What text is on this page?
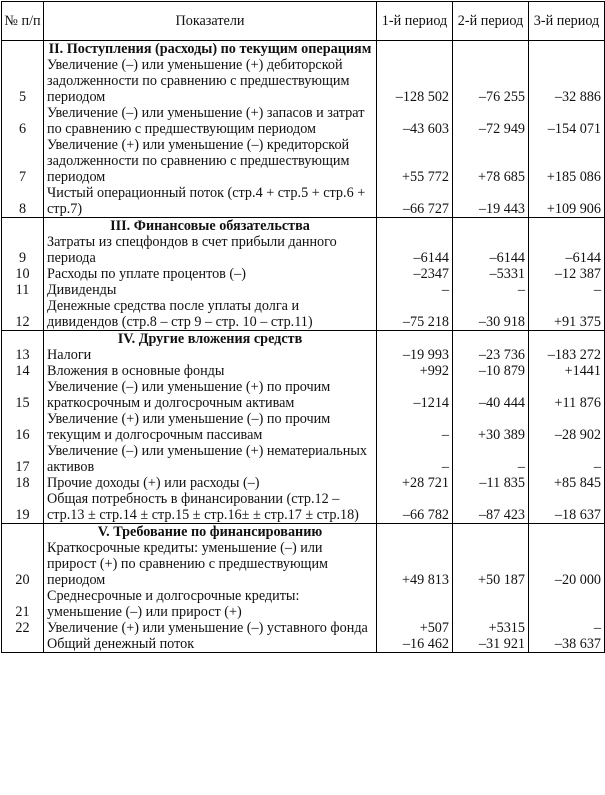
№ п/п	Показатели	1-й период	2-й период	3-й период
	II. Поступления (расходы) по текущим операциям			
5	Увеличение (–) или уменьшение (+) дебиторской задолженности по сравнению с предшествующим периодом	–128 502	–76 255	–32 886
6	Увеличение (–) или уменьшение (+) запасов и затрат по сравнению с предшествующим периодом	–43 603	–72 949	–154 071
7	Увеличение (+) или уменьшение (–) кредиторской задолженности по сравнению с предшествующим периодом	+55 772	+78 685	+185 086
8	Чистый операционный поток (стр.4 + стр.5 + стр.6 + стр.7)	–66 727	–19 443	+109 906
	III. Финансовые обязательства			
9	Затраты из спецфондов в счет прибыли данного периода	–6144	–6144	–6144
10	Расходы по уплате процентов (–)	–2347	–5331	–12 387
11	Дивиденды	–	–	–
12	Денежные средства после уплаты долга и дивидендов (стр.8 – стр 9 – стр. 10 – стр.11)	–75 218	–30 918	+91 375
	IV. Другие вложения средств			
13	Налоги	–19 993	–23 736	–183 272
14	Вложения в основные фонды	+992	–10 879	+1441
15	Увеличение (–) или уменьшение (+) по прочим краткосрочным и долгосрочным активам	–1214	–40 444	+11 876
16	Увеличение (+) или уменьшение (–) по прочим текущим и долгосрочным пассивам	–	+30 389	–28 902
17	Увеличение (–) или уменьшение (+) нематериальных активов	–	–	–
18	Прочие доходы (+) или расходы (–)	+28 721	–11 835	+85 845
19	Общая потребность в финансировании (стр.12 – стр.13 ± стр.14 ± стр.15 ± стр.16± ± стр.17 ± стр.18)	–66 782	–87 423	–18 637
	V. Требование по финансированию			
20	Краткосрочные кредиты: уменьшение (–) или прирост (+) по сравнению с предшествующим периодом	+49 813	+50 187	–20 000
21	Среднесрочные и долгосрочные кредиты: уменьшение (–) или прирост (+)			
22	Увеличение (+) или уменьшение (–) уставного фонда	+507	+5315	–
	Общий денежный поток	–16 462	–31 921	–38 637
